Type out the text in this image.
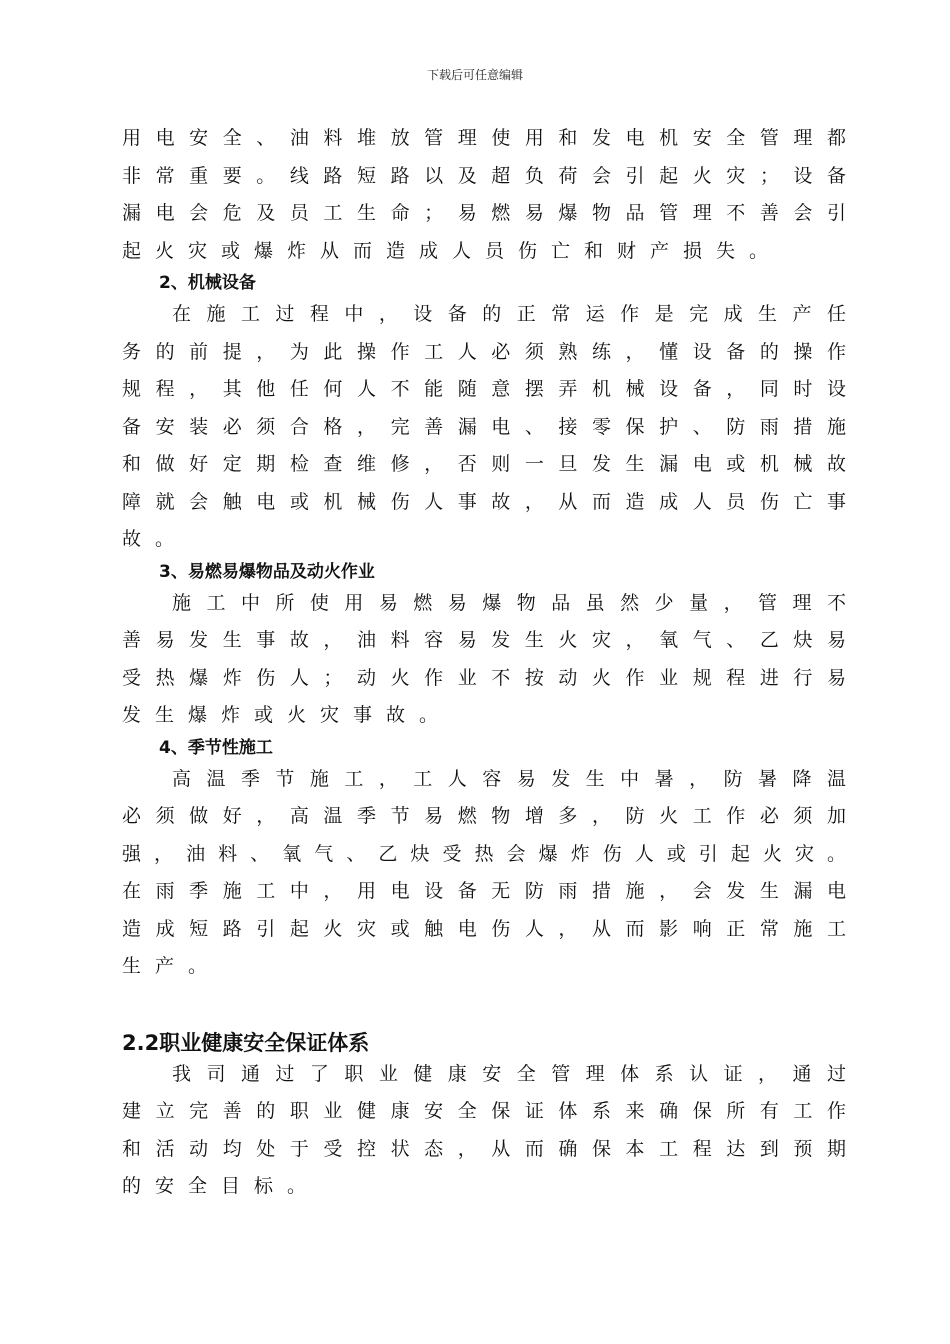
下载后可任意编辑

用电安全、油料堆放管理使用和发电机安全管理都

非常重要。线路短路以及超负荷会引起火灾；设备

漏电会危及员工生命；易燃易爆物品管理不善会引

起火灾或爆炸从而造成人员伤亡和财产损失。

2、机械设备

在施工过程中，设备的正常运作是完成生产任

务的前提，为此操作工人必须熟练，懂设备的操作

规程，其他任何人不能随意摆弄机械设备，同时设

备安装必须合格，完善漏电、接零保护、防雨措施

和做好定期检查维修，否则一旦发生漏电或机械故

障就会触电或机械伤人事故，从而造成人员伤亡事

故。

3、易燃易爆物品及动火作业

施工中所使用易燃易爆物品虽然少量，管理不

善易发生事故，油料容易发生火灾，氧气、乙炔易

受热爆炸伤人；动火作业不按动火作业规程进行易

发生爆炸或火灾事故。

4、季节性施工

高温季节施工，工人容易发生中暑，防暑降温

必须做好，高温季节易燃物增多，防火工作必须加

强，油料、氧气、乙炔受热会爆炸伤人或引起火灾。

在雨季施工中，用电设备无防雨措施，会发生漏电

造成短路引起火灾或触电伤人，从而影响正常施工

生产。

2.2职业健康安全保证体系

我司通过了职业健康安全管理体系认证，通过

建立完善的职业健康安全保证体系来确保所有工作

和活动均处于受控状态，从而确保本工程达到预期

的安全目标。
